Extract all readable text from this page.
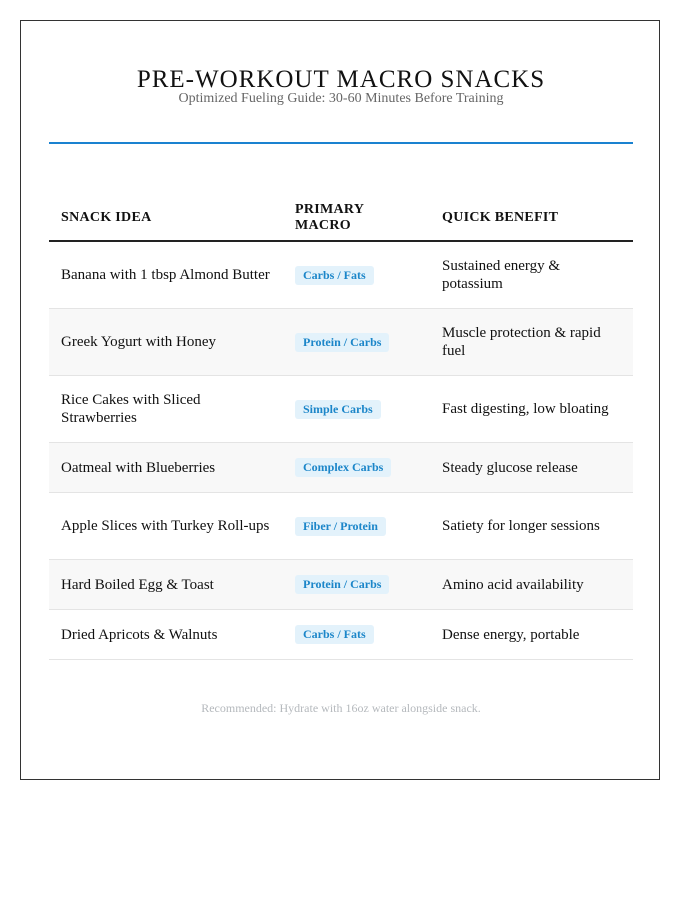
PRE-WORKOUT MACRO SNACKS
Optimized Fueling Guide: 30-60 Minutes Before Training
SNACK IDEA	PRIMARY MACRO	QUICK BENEFIT
Banana with 1 tbsp Almond Butter	Carbs / Fats	Sustained energy & potassium
Greek Yogurt with Honey	Protein / Carbs	Muscle protection & rapid fuel
Rice Cakes with Sliced Strawberries	Simple Carbs	Fast digesting, low bloating
Oatmeal with Blueberries	Complex Carbs	Steady glucose release
Apple Slices with Turkey Roll-ups	Fiber / Protein	Satiety for longer sessions
Hard Boiled Egg & Toast	Protein / Carbs	Amino acid availability
Dried Apricots & Walnuts	Carbs / Fats	Dense energy, portable
Recommended: Hydrate with 16oz water alongside snack.
